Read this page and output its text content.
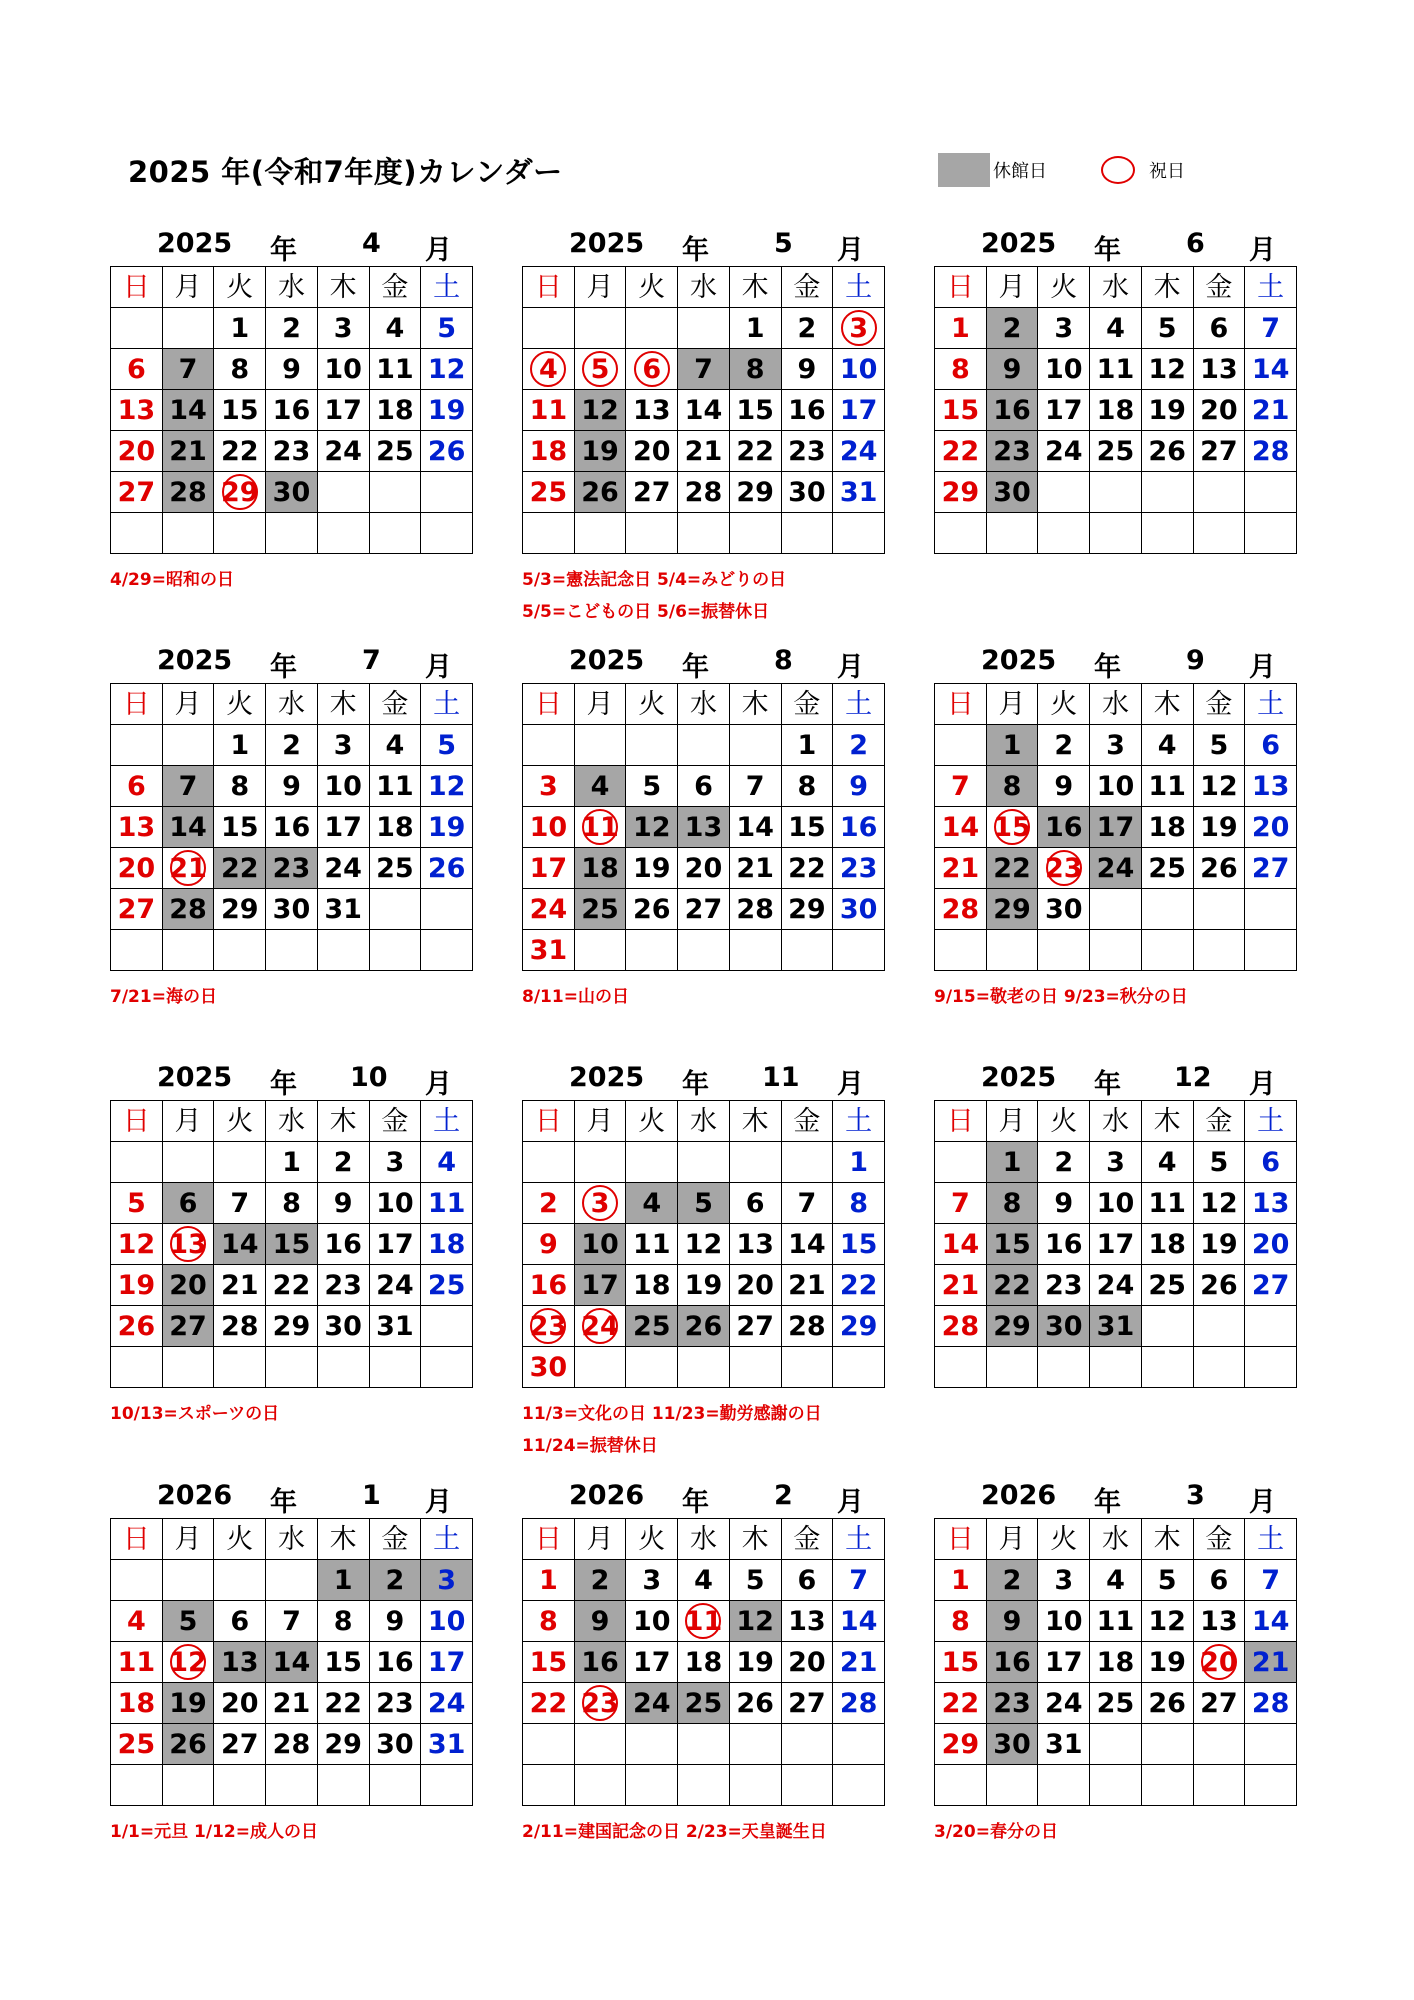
2025 年(令和7年度)カレンダー	休館日	祝日
2025 年 4 月
日	月	火	水	木	金	土
		1	2	3	4	5
6	7	8	9	10	11	12
13	14	15	16	17	18	19
20	21	22	23	24	25	26
27	28	29	30			

4/29=昭和の日
2025 年 5 月
日	月	火	水	木	金	土
				1	2	3
4	5	6	7	8	9	10
11	12	13	14	15	16	17
18	19	20	21	22	23	24
25	26	27	28	29	30	31

5/3=憲法記念日 5/4=みどりの日
5/5=こどもの日 5/6=振替休日
2025 年 6 月
日	月	火	水	木	金	土
1	2	3	4	5	6	7
8	9	10	11	12	13	14
15	16	17	18	19	20	21
22	23	24	25	26	27	28
29	30					

2025 年 7 月
日	月	火	水	木	金	土
		1	2	3	4	5
6	7	8	9	10	11	12
13	14	15	16	17	18	19
20	21	22	23	24	25	26
27	28	29	30	31		

7/21=海の日
2025 年 8 月
日	月	火	水	木	金	土
					1	2
3	4	5	6	7	8	9
10	11	12	13	14	15	16
17	18	19	20	21	22	23
24	25	26	27	28	29	30
31						
8/11=山の日
2025 年 9 月
日	月	火	水	木	金	土
	1	2	3	4	5	6
7	8	9	10	11	12	13
14	15	16	17	18	19	20
21	22	23	24	25	26	27
28	29	30				

9/15=敬老の日 9/23=秋分の日
2025 年 10 月
日	月	火	水	木	金	土
			1	2	3	4
5	6	7	8	9	10	11
12	13	14	15	16	17	18
19	20	21	22	23	24	25
26	27	28	29	30	31	

10/13=スポーツの日
2025 年 11 月
日	月	火	水	木	金	土
						1
2	3	4	5	6	7	8
9	10	11	12	13	14	15
16	17	18	19	20	21	22
23	24	25	26	27	28	29
30						
11/3=文化の日 11/23=勤労感謝の日
11/24=振替休日
2025 年 12 月
日	月	火	水	木	金	土
	1	2	3	4	5	6
7	8	9	10	11	12	13
14	15	16	17	18	19	20
21	22	23	24	25	26	27
28	29	30	31			

2026 年 1 月
日	月	火	水	木	金	土
				1	2	3
4	5	6	7	8	9	10
11	12	13	14	15	16	17
18	19	20	21	22	23	24
25	26	27	28	29	30	31

1/1=元旦 1/12=成人の日
2026 年 2 月
日	月	火	水	木	金	土
1	2	3	4	5	6	7
8	9	10	11	12	13	14
15	16	17	18	19	20	21
22	23	24	25	26	27	28

2/11=建国記念の日 2/23=天皇誕生日
2026 年 3 月
日	月	火	水	木	金	土
1	2	3	4	5	6	7
8	9	10	11	12	13	14
15	16	17	18	19	20	21
22	23	24	25	26	27	28
29	30	31				

3/20=春分の日
